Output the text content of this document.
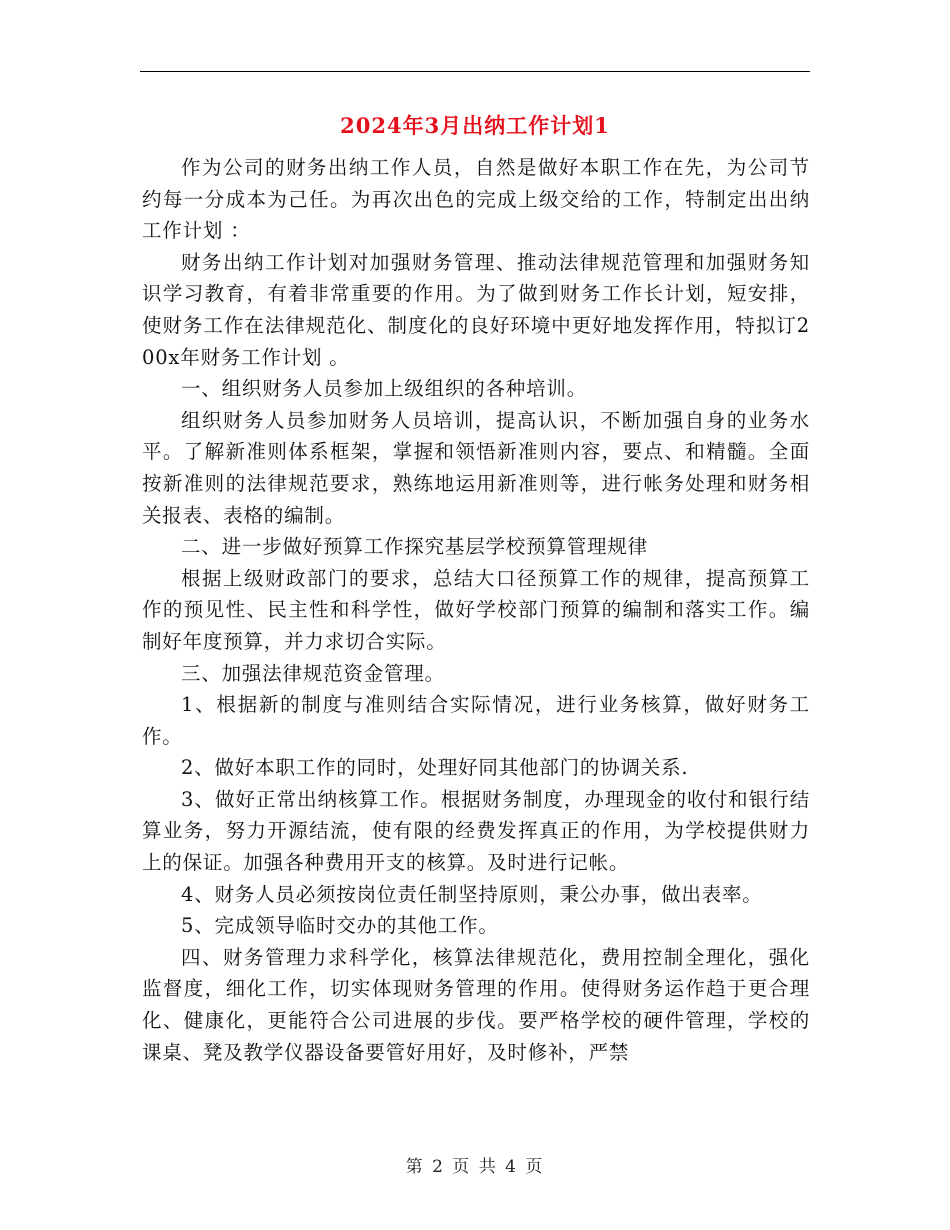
2024年3月出纳工作计划1

作为公司的财务出纳工作人员，自然是做好本职工作在先，为公司节约每一分成本为己任。为再次出色的完成上级交给的工作，特制定出出纳工作计划 ：

财务出纳工作计划对加强财务管理、推动法律规范管理和加强财务知识学习教育，有着非常重要的作用。为了做到财务工作长计划，短安排，使财务工作在法律规范化、制度化的良好环境中更好地发挥作用，特拟订200x年财务工作计划 。

一、组织财务人员参加上级组织的各种培训。

组织财务人员参加财务人员培训，提高认识，不断加强自身的业务水平。了解新准则体系框架，掌握和领悟新准则内容，要点、和精髓。全面按新准则的法律规范要求，熟练地运用新准则等，进行帐务处理和财务相关报表、表格的编制。

二、进一步做好预算工作探究基层学校预算管理规律

根据上级财政部门的要求，总结大口径预算工作的规律，提高预算工作的预见性、民主性和科学性，做好学校部门预算的编制和落实工作。编制好年度预算，并力求切合实际。

三、加强法律规范资金管理。

1、根据新的制度与准则结合实际情况，进行业务核算，做好财务工作。

2、做好本职工作的同时，处理好同其他部门的协调关系.

3、做好正常出纳核算工作。根据财务制度，办理现金的收付和银行结算业务，努力开源结流，使有限的经费发挥真正的作用，为学校提供财力上的保证。加强各种费用开支的核算。及时进行记帐。

4、财务人员必须按岗位责任制坚持原则，秉公办事，做出表率。

5、完成领导临时交办的其他工作。

四、财务管理力求科学化，核算法律规范化，费用控制全理化，强化监督度，细化工作，切实体现财务管理的作用。使得财务运作趋于更合理化、健康化，更能符合公司进展的步伐。要严格学校的硬件管理，学校的课桌、凳及教学仪器设备要管好用好，及时修补，严禁

第 2 页 共 4 页
